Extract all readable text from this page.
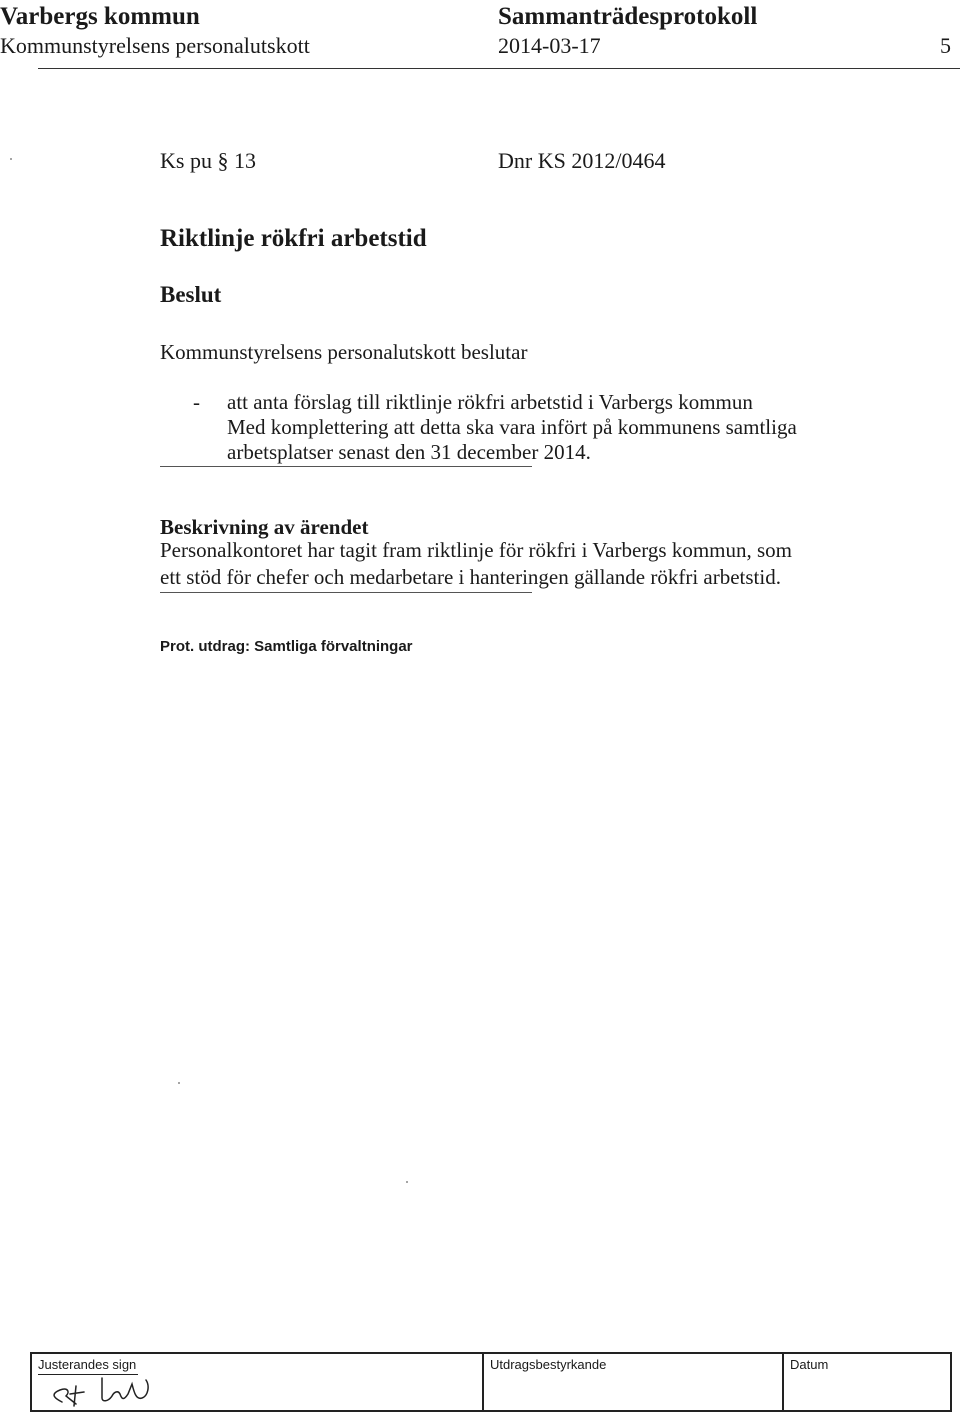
Varbergs kommun
Kommunstyrelsens personalutskott
Sammanträdesprotokoll
2014-03-17	5
Ks pu § 13	Dnr KS 2012/0464
Riktlinje rökfri arbetstid
Beslut
Kommunstyrelsens personalutskott beslutar
- att anta förslag till riktlinje rökfri arbetstid i Varbergs kommun
Med komplettering att detta ska vara infört på kommunens samtliga
arbetsplatser senast den 31 december 2014.
Beskrivning av ärendet
Personalkontoret har tagit fram riktlinje för rökfri i Varbergs kommun, som
ett stöd för chefer och medarbetare i hanteringen gällande rökfri arbetstid.
Prot. utdrag: Samtliga förvaltningar
Justerandes sign	Utdragsbestyrkande	Datum
